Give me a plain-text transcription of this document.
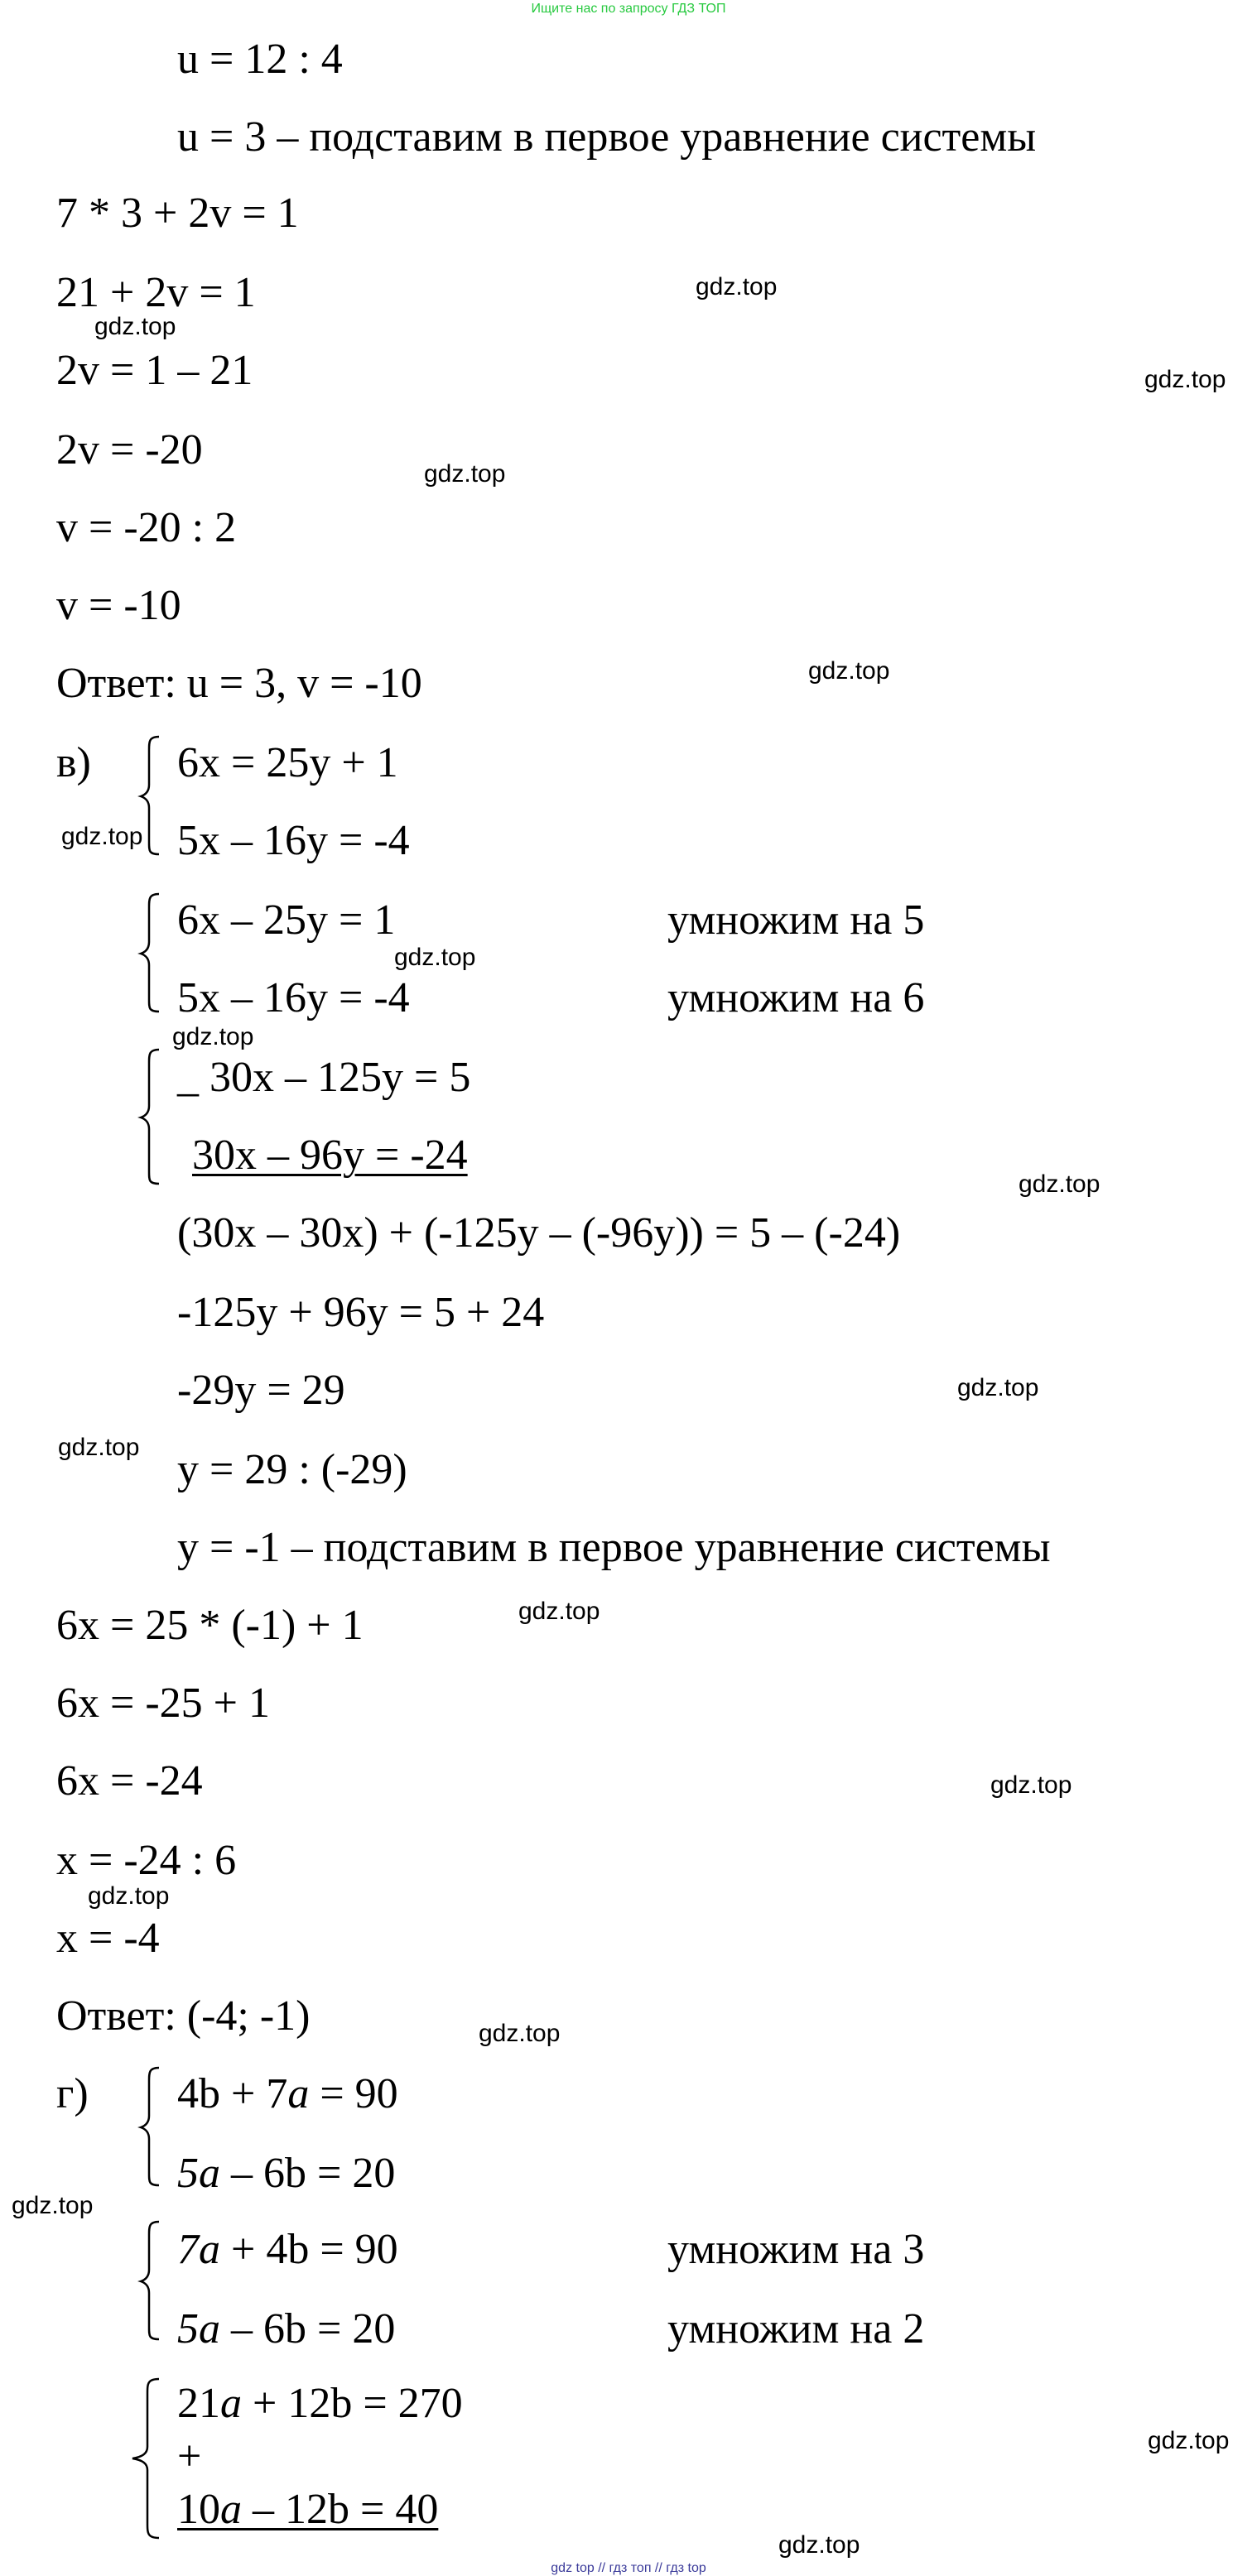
Ищите нас по запросу ГДЗ ТОП
u = 12 : 4
u = 3 – подставим в первое уравнение системы
7 * 3 + 2v = 1
21 + 2v = 1
2v = 1 – 21
2v = -20
v = -20 : 2
v = -10
Ответ: u = 3, v = -10
в) 6x = 25y + 1
5x – 16y = -4
6x – 25y = 1	умножим на 5
5x – 16y = -4	умножим на 6
_ 30x – 125y = 5
30x – 96y = -24
(30x – 30x) + (-125y – (-96y)) = 5 – (-24)
-125y + 96y = 5 + 24
-29y = 29
y = 29 : (-29)
y = -1 – подставим в первое уравнение системы
6x = 25 * (-1) + 1
6x = -25 + 1
6x = -24
x = -24 : 6
x = -4
Ответ: (-4; -1)
г) 4b + 7a = 90
5a – 6b = 20
7a + 4b = 90	умножим на 3
5a – 6b = 20	умножим на 2
21a + 12b = 270
+
10a – 12b = 40
gdz.top
gdz.top
gdz.top
gdz.top
gdz.top
gdz.top
gdz.top
gdz.top
gdz.top
gdz.top
gdz.top
gdz.top
gdz.top
gdz.top
gdz.top
gdz.top
gdz.top
gdz.top
gdz top // гдз топ // гдз top
